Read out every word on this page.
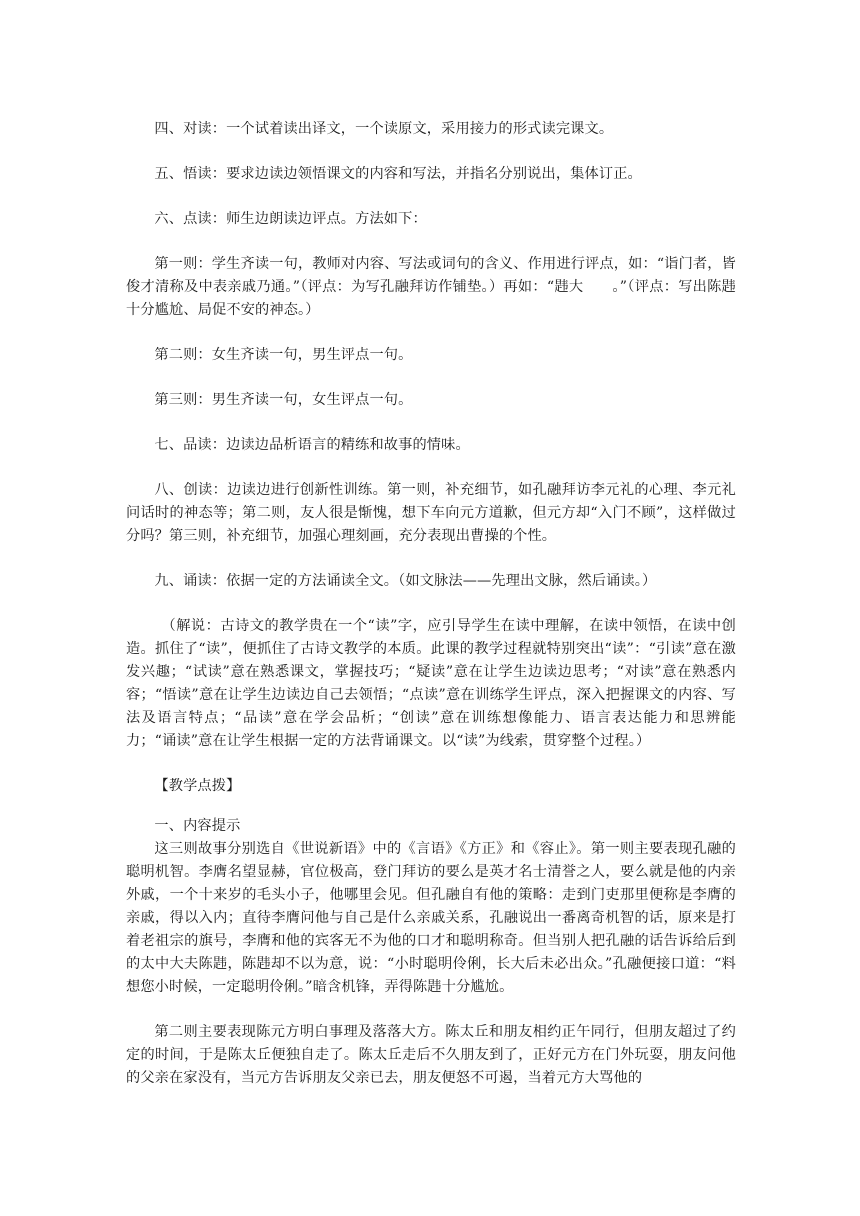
四、对读：一个试着读出译文，一个读原文，采用接力的形式读完课文。

五、悟读：要求边读边领悟课文的内容和写法，并指名分别说出，集体订正。

六、点读：师生边朗读边评点。方法如下：

第一则：学生齐读一句，教师对内容、写法或词句的含义、作用进行评点，如：“诣门者，皆俊才清称及中表亲戚乃通。”（评点：为写孔融拜访作铺垫。）再如：“韪大　　。”（评点：写出陈韪十分尴尬、局促不安的神态。）

第二则：女生齐读一句，男生评点一句。

第三则：男生齐读一句，女生评点一句。

七、品读：边读边品析语言的精练和故事的情味。

八、创读：边读边进行创新性训练。第一则，补充细节，如孔融拜访李元礼的心理、李元礼问话时的神态等；第二则，友人很是惭愧，想下车向元方道歉，但元方却“入门不顾”，这样做过分吗？第三则，补充细节，加强心理刻画，充分表现出曹操的个性。

九、诵读：依据一定的方法诵读全文。（如文脉法——先理出文脉，然后诵读。）

（解说：古诗文的教学贵在一个“读”字，应引导学生在读中理解，在读中领悟，在读中创造。抓住了“读”，便抓住了古诗文教学的本质。此课的教学过程就特别突出“读”：“引读”意在激发兴趣；“试读”意在熟悉课文，掌握技巧；“疑读”意在让学生边读边思考；“对读”意在熟悉内容；“悟读”意在让学生边读边自己去领悟；“点读”意在训练学生评点，深入把握课文的内容、写法及语言特点；“品读”意在学会品析；“创读”意在训练想像能力、语言表达能力和思辨能力；“诵读”意在让学生根据一定的方法背诵课文。以“读”为线索，贯穿整个过程。）

【教学点拨】

一、内容提示

这三则故事分别选自《世说新语》中的《言语》《方正》和《容止》。第一则主要表现孔融的聪明机智。李膺名望显赫，官位极高，登门拜访的要么是英才名士清誉之人，要么就是他的内亲外戚，一个十来岁的毛头小子，他哪里会见。但孔融自有他的策略：走到门吏那里便称是李膺的亲戚，得以入内；直待李膺问他与自己是什么亲戚关系，孔融说出一番离奇机智的话，原来是打着老祖宗的旗号，李膺和他的宾客无不为他的口才和聪明称奇。但当别人把孔融的话告诉给后到的太中大夫陈韪，陈韪却不以为意，说：“小时聪明伶俐，长大后未必出众。”孔融便接口道：“料想您小时候，一定聪明伶俐。”暗含机锋，弄得陈韪十分尴尬。

第二则主要表现陈元方明白事理及落落大方。陈太丘和朋友相约正午同行，但朋友超过了约定的时间，于是陈太丘便独自走了。陈太丘走后不久朋友到了，正好元方在门外玩耍，朋友问他的父亲在家没有，当元方告诉朋友父亲已去，朋友便怒不可遏，当着元方大骂他的
